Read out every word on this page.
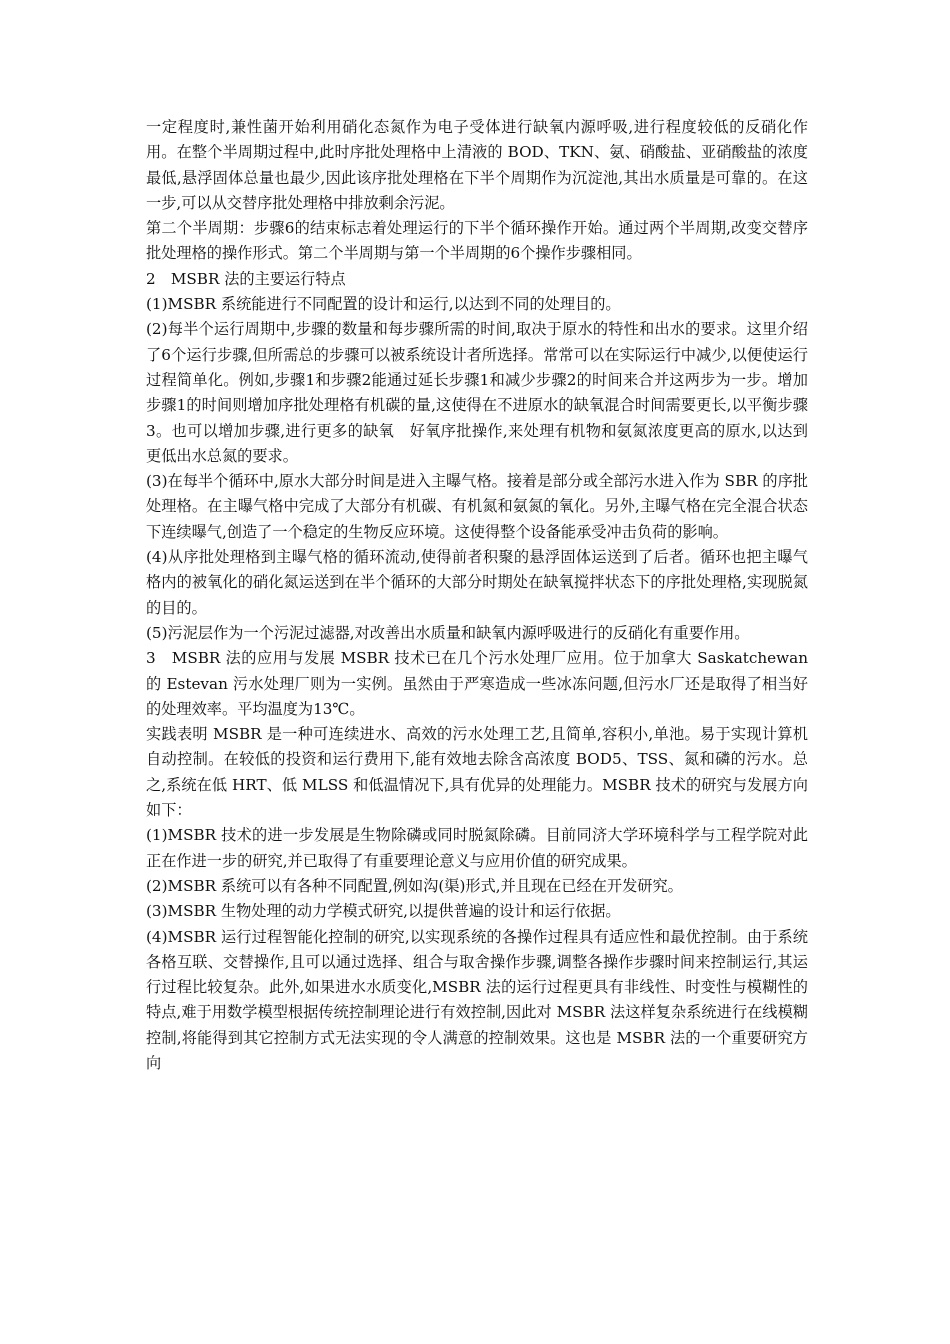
一定程度时,兼性菌开始利用硝化态氮作为电子受体进行缺氧内源呼吸,进行程度较低的反硝化作用。在整个半周期过程中,此时序批处理格中上清液的 BOD、TKN、氨、硝酸盐、亚硝酸盐的浓度最低,悬浮固体总量也最少,因此该序批处理格在下半个周期作为沉淀池,其出水质量是可靠的。在这一步,可以从交替序批处理格中排放剩余污泥。

第二个半周期：步骤6的结束标志着处理运行的下半个循环操作开始。通过两个半周期,改变交替序批处理格的操作形式。第二个半周期与第一个半周期的6个操作步骤相同。

2　MSBR 法的主要运行特点

(1)MSBR 系统能进行不同配置的设计和运行,以达到不同的处理目的。

(2)每半个运行周期中,步骤的数量和每步骤所需的时间,取决于原水的特性和出水的要求。这里介绍了6个运行步骤,但所需总的步骤可以被系统设计者所选择。常常可以在实际运行中减少,以便使运行过程简单化。例如,步骤1和步骤2能通过延长步骤1和减少步骤2的时间来合并这两步为一步。增加步骤1的时间则增加序批处理格有机碳的量,这使得在不进原水的缺氧混合时间需要更长,以平衡步骤3。也可以增加步骤,进行更多的缺氧　好氧序批操作,来处理有机物和氨氮浓度更高的原水,以达到更低出水总氮的要求。

(3)在每半个循环中,原水大部分时间是进入主曝气格。接着是部分或全部污水进入作为 SBR 的序批处理格。在主曝气格中完成了大部分有机碳、有机氮和氨氮的氧化。另外,主曝气格在完全混合状态下连续曝气,创造了一个稳定的生物反应环境。这使得整个设备能承受冲击负荷的影响。

(4)从序批处理格到主曝气格的循环流动,使得前者积聚的悬浮固体运送到了后者。循环也把主曝气格内的被氧化的硝化氮运送到在半个循环的大部分时期处在缺氧搅拌状态下的序批处理格,实现脱氮的目的。

(5)污泥层作为一个污泥过滤器,对改善出水质量和缺氧内源呼吸进行的反硝化有重要作用。

3　MSBR 法的应用与发展 MSBR 技术已在几个污水处理厂应用。位于加拿大 Saskatchewan 的 Estevan 污水处理厂则为一实例。虽然由于严寒造成一些冰冻问题,但污水厂还是取得了相当好的处理效率。平均温度为13℃。

实践表明 MSBR 是一种可连续进水、高效的污水处理工艺,且简单,容积小,单池。易于实现计算机自动控制。在较低的投资和运行费用下,能有效地去除含高浓度 BOD5、TSS、氮和磷的污水。总之,系统在低 HRT、低 MLSS 和低温情况下,具有优异的处理能力。MSBR 技术的研究与发展方向如下：

(1)MSBR 技术的进一步发展是生物除磷或同时脱氮除磷。目前同济大学环境科学与工程学院对此正在作进一步的研究,并已取得了有重要理论意义与应用价值的研究成果。

(2)MSBR 系统可以有各种不同配置,例如沟(渠)形式,并且现在已经在开发研究。

(3)MSBR 生物处理的动力学模式研究,以提供普遍的设计和运行依据。

(4)MSBR 运行过程智能化控制的研究,以实现系统的各操作过程具有适应性和最优控制。由于系统各格互联、交替操作,且可以通过选择、组合与取舍操作步骤,调整各操作步骤时间来控制运行,其运行过程比较复杂。此外,如果进水水质变化,MSBR 法的运行过程更具有非线性、时变性与模糊性的特点,难于用数学模型根据传统控制理论进行有效控制,因此对 MSBR 法这样复杂系统进行在线模糊控制,将能得到其它控制方式无法实现的令人满意的控制效果。这也是 MSBR 法的一个重要研究方向
